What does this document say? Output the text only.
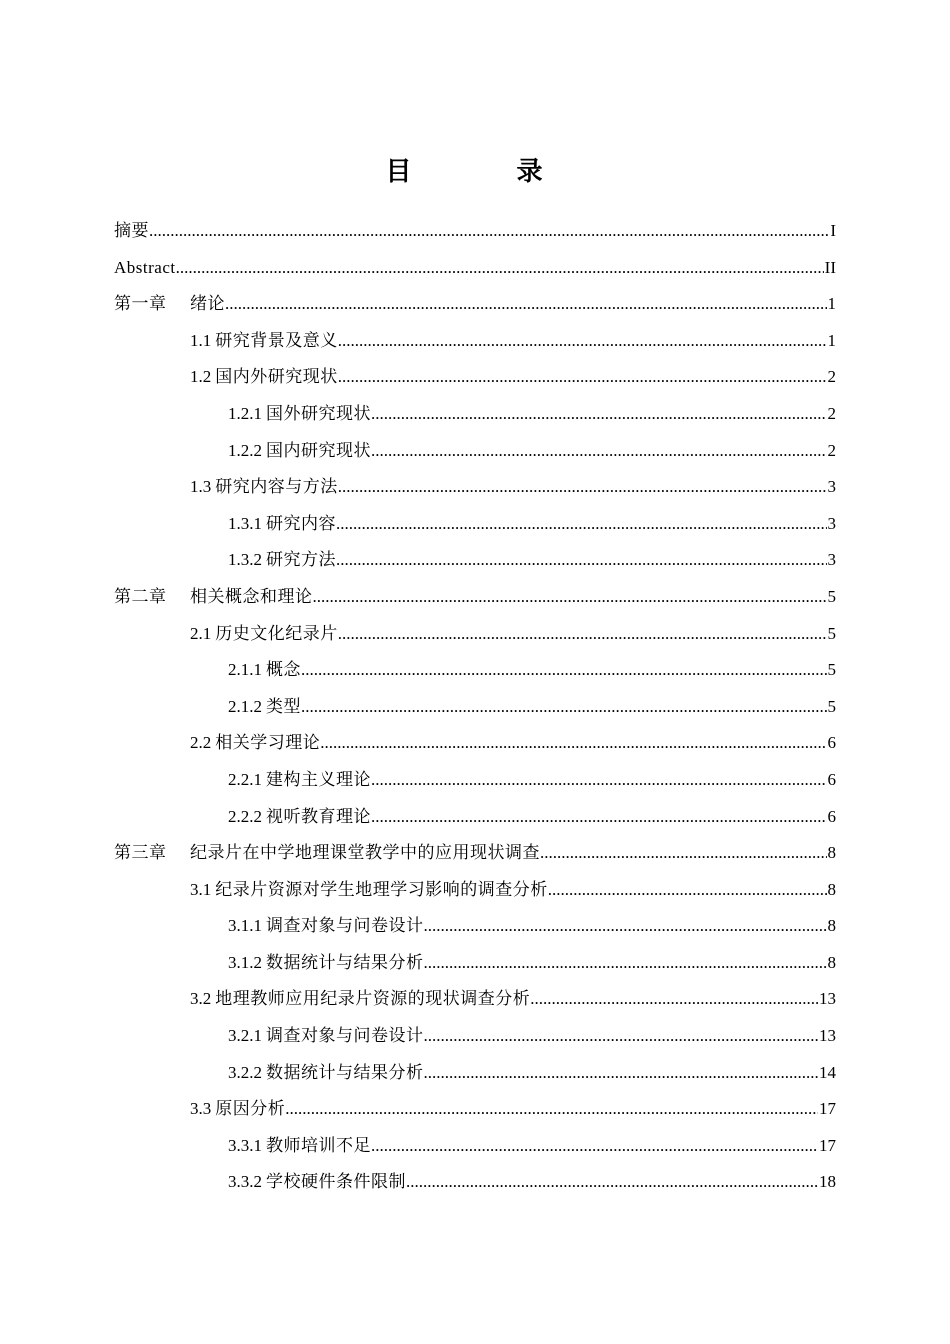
目 录
摘要 .....	I
Abstract .....	II
第一章 绪论 .....	1
1.1 研究背景及意义 .....	1
1.2 国内外研究现状 .....	2
1.2.1 国外研究现状 .....	2
1.2.2 国内研究现状 .....	2
1.3 研究内容与方法 .....	3
1.3.1 研究内容 .....	3
1.3.2 研究方法 .....	3
第二章 相关概念和理论 .....	5
2.1 历史文化纪录片 .....	5
2.1.1 概念 .....	5
2.1.2 类型 .....	5
2.2 相关学习理论 .....	6
2.2.1 建构主义理论 .....	6
2.2.2 视听教育理论 .....	6
第三章 纪录片在中学地理课堂教学中的应用现状调查 .....	8
3.1 纪录片资源对学生地理学习影响的调查分析 .....	8
3.1.1 调查对象与问卷设计 .....	8
3.1.2 数据统计与结果分析 .....	8
3.2 地理教师应用纪录片资源的现状调查分析 .....	13
3.2.1 调查对象与问卷设计 .....	13
3.2.2 数据统计与结果分析 .....	14
3.3 原因分析 .....	17
3.3.1 教师培训不足 .....	17
3.3.2 学校硬件条件限制 .....	18
